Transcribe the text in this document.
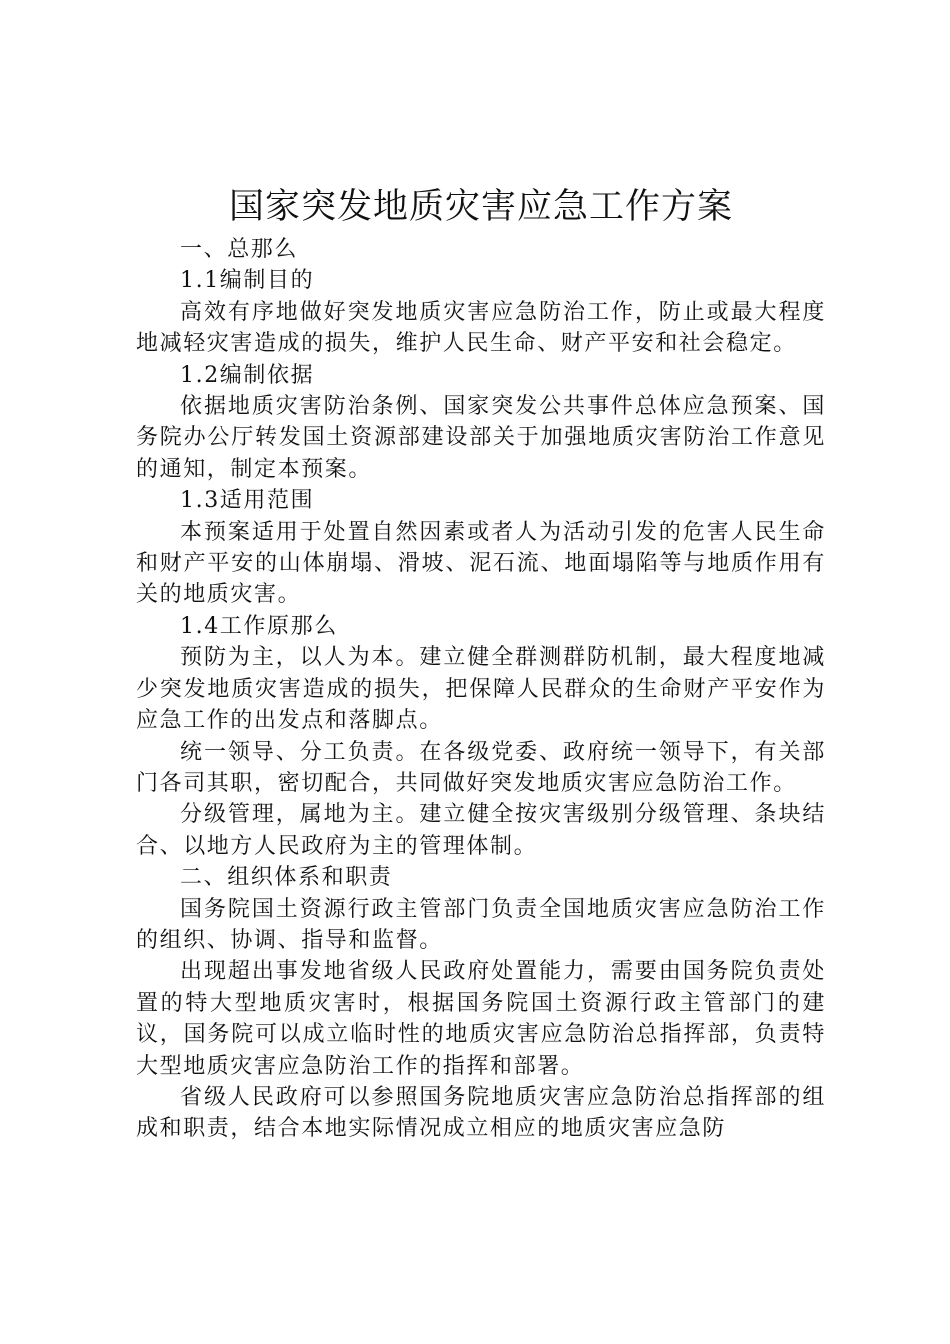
国家突发地质灾害应急工作方案

一、总那么

1.1编制目的

高效有序地做好突发地质灾害应急防治工作，防止或最大程度地减轻灾害造成的损失，维护人民生命、财产平安和社会稳定。

1.2编制依据

依据地质灾害防治条例、国家突发公共事件总体应急预案、国务院办公厅转发国土资源部建设部关于加强地质灾害防治工作意见的通知，制定本预案。

1.3适用范围

本预案适用于处置自然因素或者人为活动引发的危害人民生命和财产平安的山体崩塌、滑坡、泥石流、地面塌陷等与地质作用有关的地质灾害。

1.4工作原那么

预防为主，以人为本。建立健全群测群防机制，最大程度地减少突发地质灾害造成的损失，把保障人民群众的生命财产平安作为应急工作的出发点和落脚点。

统一领导、分工负责。在各级党委、政府统一领导下，有关部门各司其职，密切配合，共同做好突发地质灾害应急防治工作。

分级管理，属地为主。建立健全按灾害级别分级管理、条块结合、以地方人民政府为主的管理体制。

二、组织体系和职责

国务院国土资源行政主管部门负责全国地质灾害应急防治工作的组织、协调、指导和监督。

出现超出事发地省级人民政府处置能力，需要由国务院负责处置的特大型地质灾害时，根据国务院国土资源行政主管部门的建议，国务院可以成立临时性的地质灾害应急防治总指挥部，负责特大型地质灾害应急防治工作的指挥和部署。

省级人民政府可以参照国务院地质灾害应急防治总指挥部的组成和职责，结合本地实际情况成立相应的地质灾害应急防
